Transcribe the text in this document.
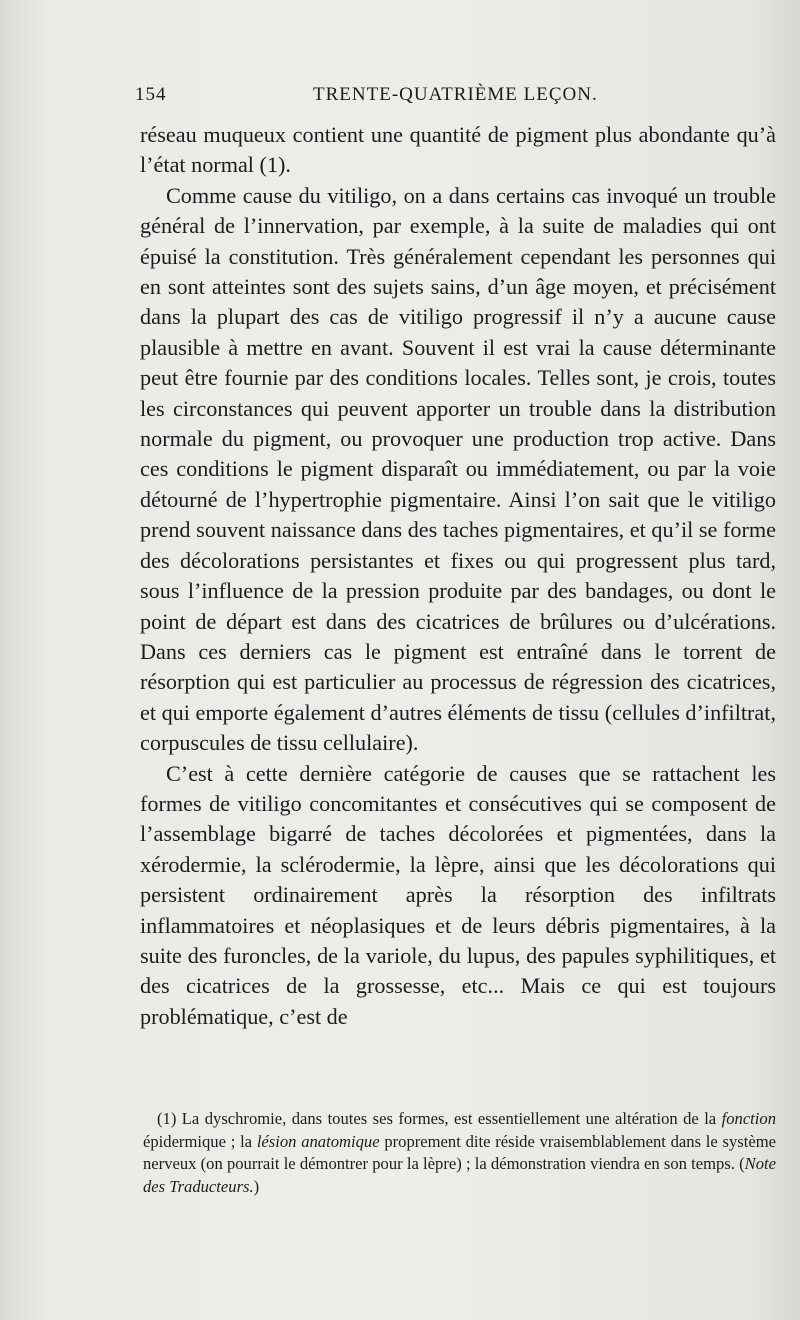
154	TRENTE-QUATRIÈME LEÇON.

réseau muqueux contient une quantité de pigment plus abondante qu’à l’état normal (1).

Comme cause du vitiligo, on a dans certains cas invoqué un trouble général de l’innervation, par exemple, à la suite de maladies qui ont épuisé la constitution. Très généralement cependant les personnes qui en sont atteintes sont des sujets sains, d’un âge moyen, et précisément dans la plupart des cas de vitiligo progressif il n’y a aucune cause plausible à mettre en avant. Souvent il est vrai la cause déterminante peut être fournie par des conditions locales. Telles sont, je crois, toutes les circonstances qui peuvent apporter un trouble dans la distribution normale du pigment, ou provoquer une production trop active. Dans ces conditions le pigment disparaît ou immédiatement, ou par la voie détourné de l’hypertrophie pigmentaire. Ainsi l’on sait que le vitiligo prend souvent naissance dans des taches pigmentaires, et qu’il se forme des décolorations persistantes et fixes ou qui progressent plus tard, sous l’influence de la pression produite par des bandages, ou dont le point de départ est dans des cicatrices de brûlures ou d’ulcérations. Dans ces derniers cas le pigment est entraîné dans le torrent de résorption qui est particulier au processus de régression des cicatrices, et qui emporte également d’autres éléments de tissu (cellules d’infiltrat, corpuscules de tissu cellulaire).

C’est à cette dernière catégorie de causes que se rattachent les formes de vitiligo concomitantes et consécutives qui se composent de l’assemblage bigarré de taches décolorées et pigmentées, dans la xérodermie, la sclérodermie, la lèpre, ainsi que les décolorations qui persistent ordinairement après la résorption des infiltrats inflammatoires et néoplasiques et de leurs débris pigmentaires, à la suite des furoncles, de la variole, du lupus, des papules syphilitiques, et des cicatrices de la grossesse, etc... Mais ce qui est toujours problématique, c’est de

(1) La dyschromie, dans toutes ses formes, est essentiellement une altération de la fonction épidermique ; la lésion anatomique proprement dite réside vraisemblablement dans le système nerveux (on pourrait le démontrer pour la lèpre) ; la démonstration viendra en son temps. (Note des Traducteurs.)
